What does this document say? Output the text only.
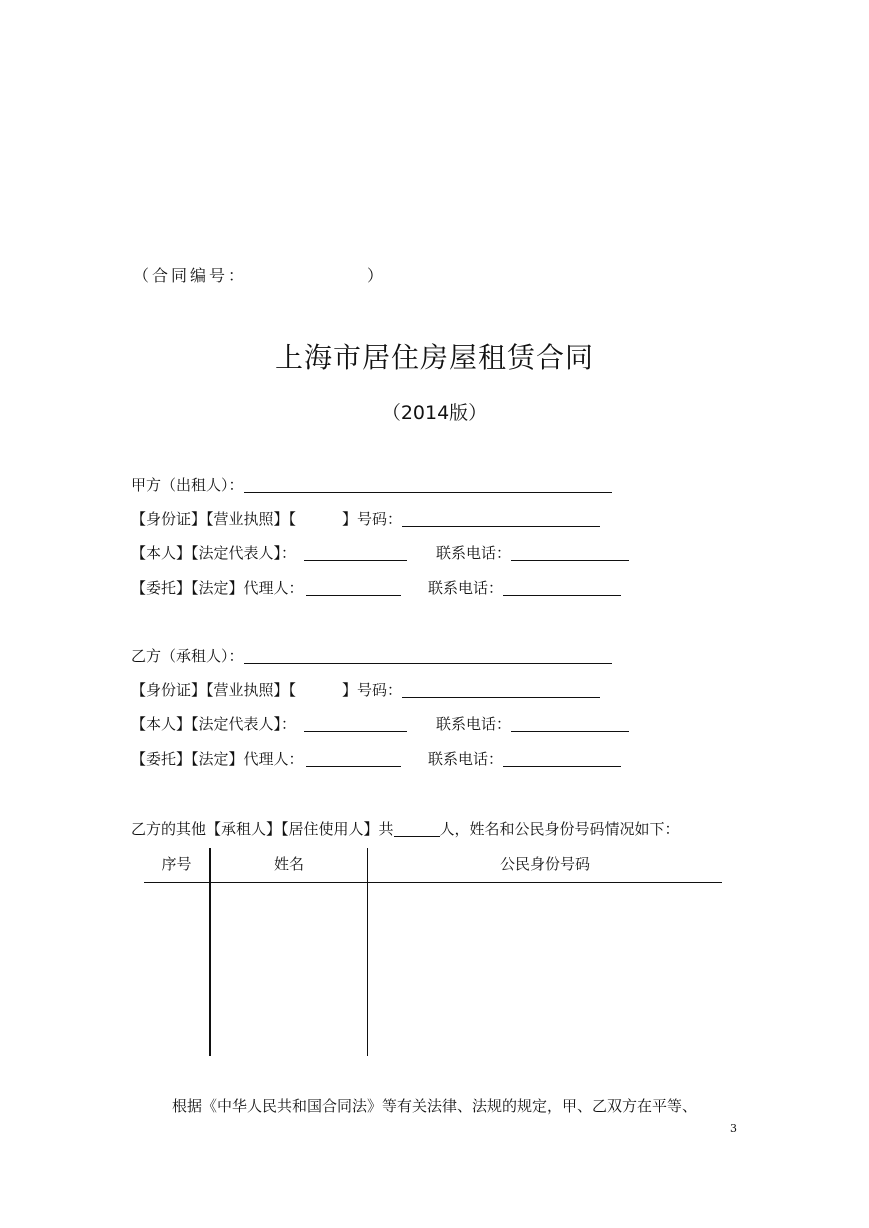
（合同编号：	）
上海市居住房屋租赁合同
（2014版）
甲方（出租人）：
【身份证】【营业执照】【	】号码：
【本人】【法定代表人】：	联系电话：
【委托】【法定】代理人：	联系电话：
乙方（承租人）：
【身份证】【营业执照】【	】号码：
【本人】【法定代表人】：	联系电话：
【委托】【法定】代理人：	联系电话：
乙方的其他【承租人】【居住使用人】共	人，姓名和公民身份号码情况如下：
序号	姓名	公民身份号码
根据《中华人民共和国合同法》等有关法律、法规的规定，甲、乙双方在平等、
3
